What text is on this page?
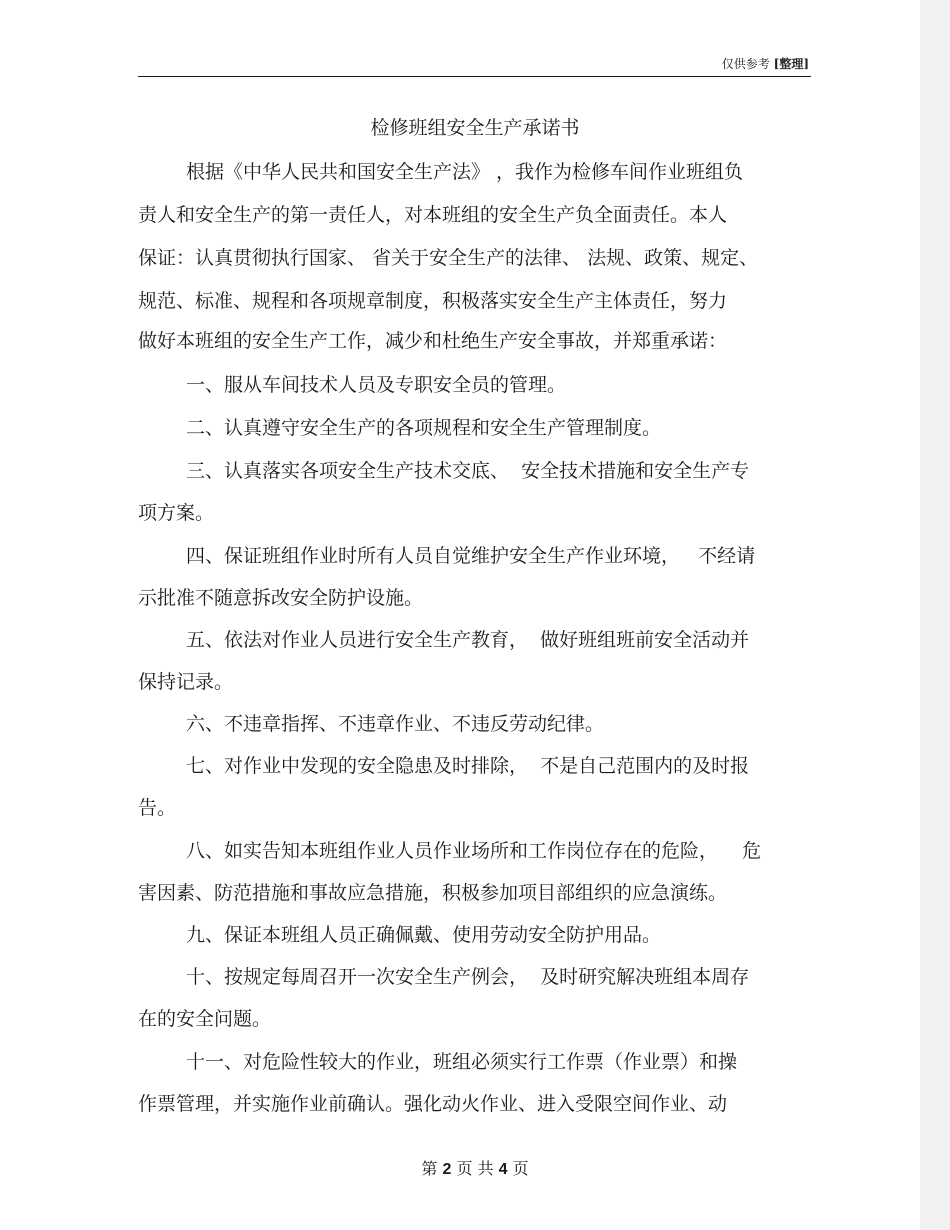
仅供参考 [整理]
检修班组安全生产承诺书
根据《中华人民共和国安全生产法》 ，我作为检修车间作业班组负
责人和安全生产的第一责任人，对本班组的安全生产负全面责任。本人
保证：认真贯彻执行国家、 省关于安全生产的法律、 法规、政策、规定、
规范、标准、规程和各项规章制度，积极落实安全生产主体责任，努力
做好本班组的安全生产工作，减少和杜绝生产安全事故，并郑重承诺：
一、服从车间技术人员及专职安全员的管理。
二、认真遵守安全生产的各项规程和安全生产管理制度。
三、认真落实各项安全生产技术交底、  安全技术措施和安全生产专
项方案。
四、保证班组作业时所有人员自觉维护安全生产作业环境，   不经请
示批准不随意拆改安全防护设施。
五、依法对作业人员进行安全生产教育，  做好班组班前安全活动并
保持记录。
六、不违章指挥、不违章作业、不违反劳动纪律。
七、对作业中发现的安全隐患及时排除，  不是自己范围内的及时报
告。
八、如实告知本班组作业人员作业场所和工作岗位存在的危险，    危
害因素、防范措施和事故应急措施，积极参加项目部组织的应急演练。
九、保证本班组人员正确佩戴、使用劳动安全防护用品。
十、按规定每周召开一次安全生产例会，  及时研究解决班组本周存
在的安全问题。
十一、对危险性较大的作业，班组必须实行工作票（作业票）和操
作票管理，并实施作业前确认。强化动火作业、进入受限空间作业、动
第 2 页 共 4 页
